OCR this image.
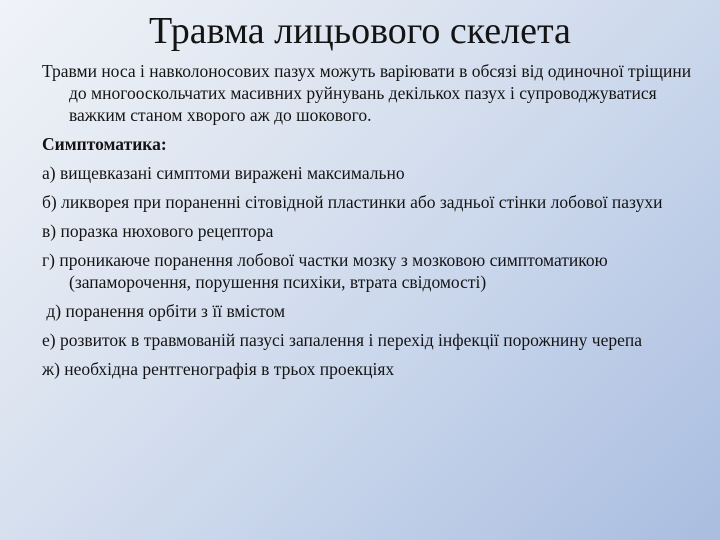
Травма лицьового скелета

Травми носа і навколоносових пазух можуть варіювати в обсязі від одиночної тріщини до многооскольчатих масивних руйнувань декількох пазух і супроводжуватися важким станом хворого аж до шокового.

Симптоматика:

а) вищевказані симптоми виражені максимально

б) ликворея при пораненні сітовідной пластинки або задньої стінки лобової пазухи

в) поразка нюхового рецептора

г) проникаюче поранення лобової частки мозку з мозковою симптоматикою (запаморочення, порушення психіки, втрата свідомості)

д) поранення орбіти з її вмістом

е) розвиток в травмованій пазусі запалення і перехід інфекції порожнину черепа

ж) необхідна рентгенографія в трьох проекціях
